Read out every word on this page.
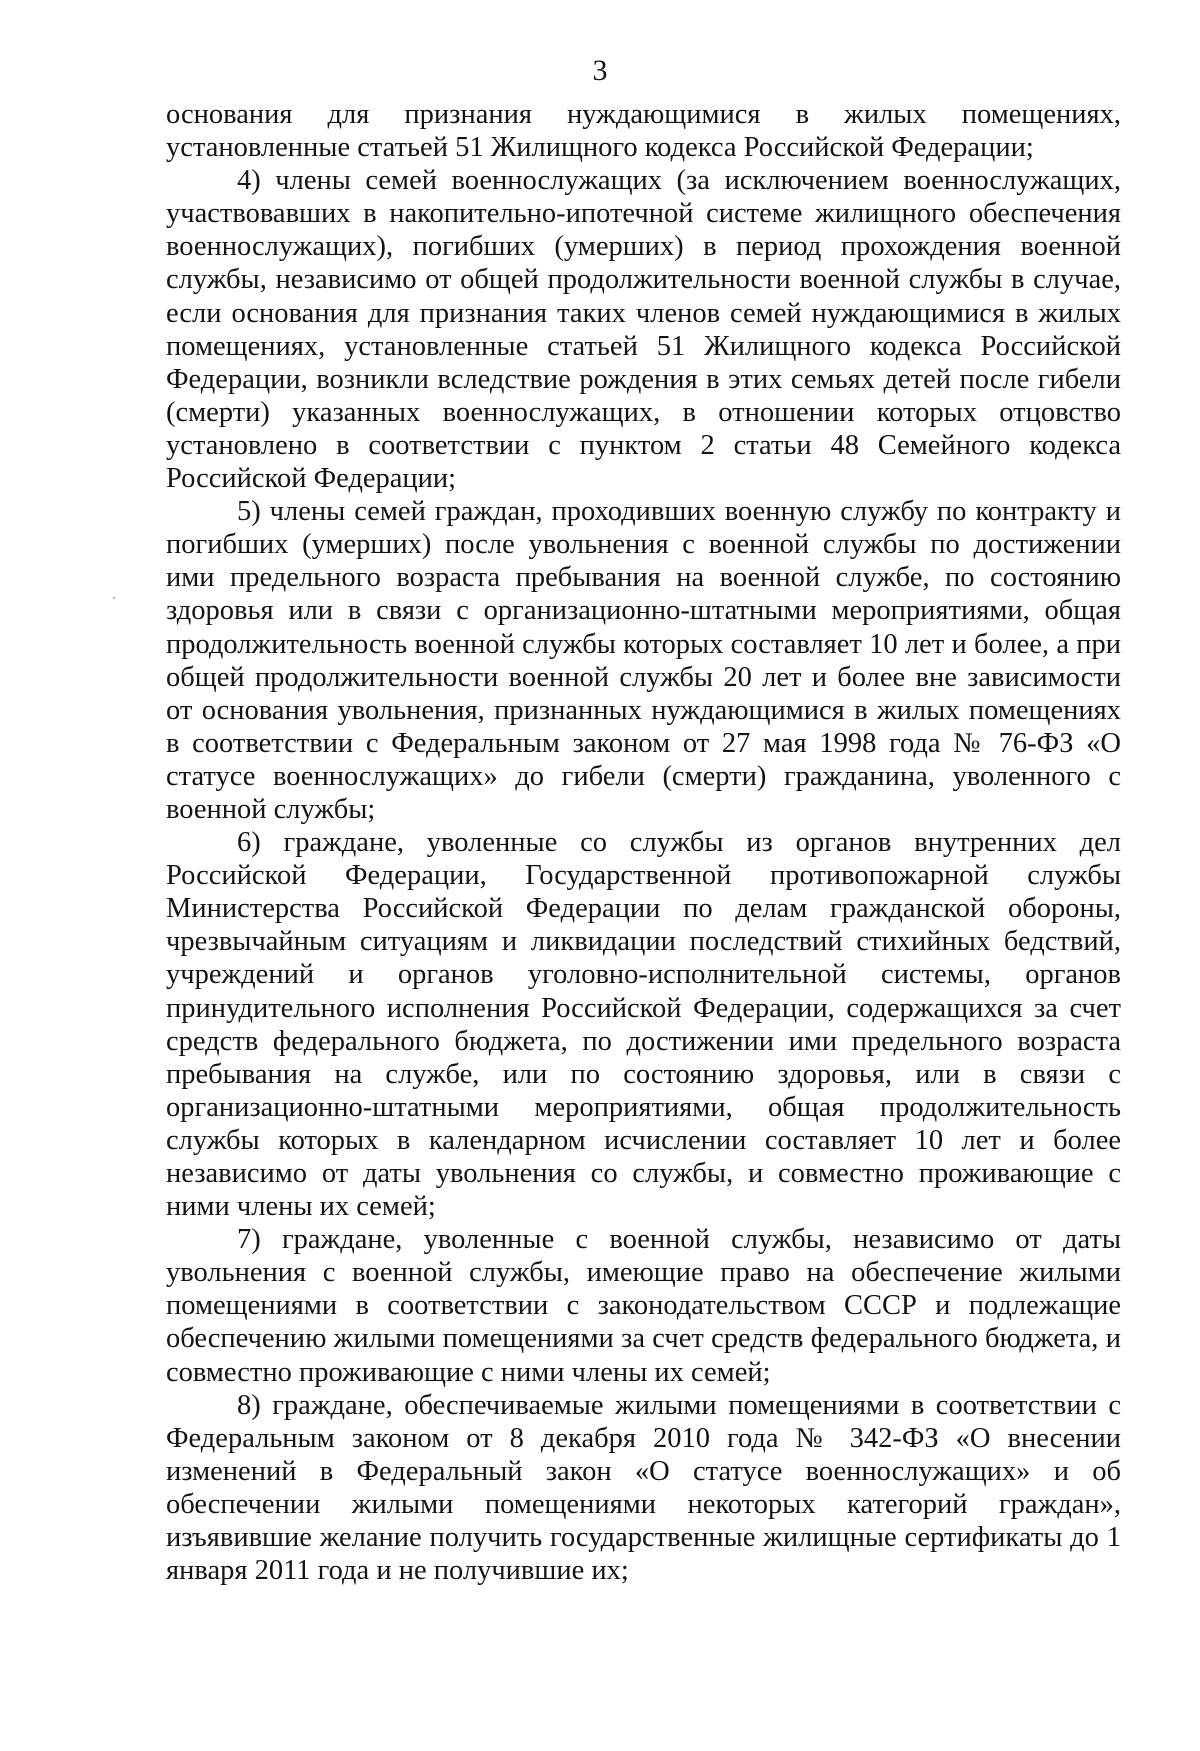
3

основания для признания нуждающимися в жилых помещениях, установленные статьей 51 Жилищного кодекса Российской Федерации;

4) члены семей военнослужащих (за исключением военнослужащих, участвовавших в накопительно-ипотечной системе жилищного обеспечения военнослужащих), погибших (умерших) в период прохождения военной службы, независимо от общей продолжительности военной службы в случае, если основания для признания таких членов семей нуждающимися в жилых помещениях, установленные статьей 51 Жилищного кодекса Российской Федерации, возникли вследствие рождения в этих семьях детей после гибели (смерти) указанных военнослужащих, в отношении которых отцовство установлено в соответствии с пунктом 2 статьи 48 Семейного кодекса Российской Федерации;

5) члены семей граждан, проходивших военную службу по контракту и погибших (умерших) после увольнения с военной службы по достижении ими предельного возраста пребывания на военной службе, по состоянию здоровья или в связи с организационно-штатными мероприятиями, общая продолжительность военной службы которых составляет 10 лет и более, а при общей продолжительности военной службы 20 лет и более вне зависимости от основания увольнения, признанных нуждающимися в жилых помещениях в соответствии с Федеральным законом от 27 мая 1998 года № 76-ФЗ «О статусе военнослужащих» до гибели (смерти) гражданина, уволенного с военной службы;

6) граждане, уволенные со службы из органов внутренних дел Российской Федерации, Государственной противопожарной службы Министерства Российской Федерации по делам гражданской обороны, чрезвычайным ситуациям и ликвидации последствий стихийных бедствий, учреждений и органов уголовно-исполнительной системы, органов принудительного исполнения Российской Федерации, содержащихся за счет средств федерального бюджета, по достижении ими предельного возраста пребывания на службе, или по состоянию здоровья, или в связи с организационно-штатными мероприятиями, общая продолжительность службы которых в календарном исчислении составляет 10 лет и более независимо от даты увольнения со службы, и совместно проживающие с ними члены их семей;

7) граждане, уволенные с военной службы, независимо от даты увольнения с военной службы, имеющие право на обеспечение жилыми помещениями в соответствии с законодательством СССР и подлежащие обеспечению жилыми помещениями за счет средств федерального бюджета, и совместно проживающие с ними члены их семей;

8) граждане, обеспечиваемые жилыми помещениями в соответствии с Федеральным законом от 8 декабря 2010 года № 342-ФЗ «О внесении изменений в Федеральный закон «О статусе военнослужащих» и об обеспечении жилыми помещениями некоторых категорий граждан», изъявившие желание получить государственные жилищные сертификаты до 1 января 2011 года и не получившие их;
